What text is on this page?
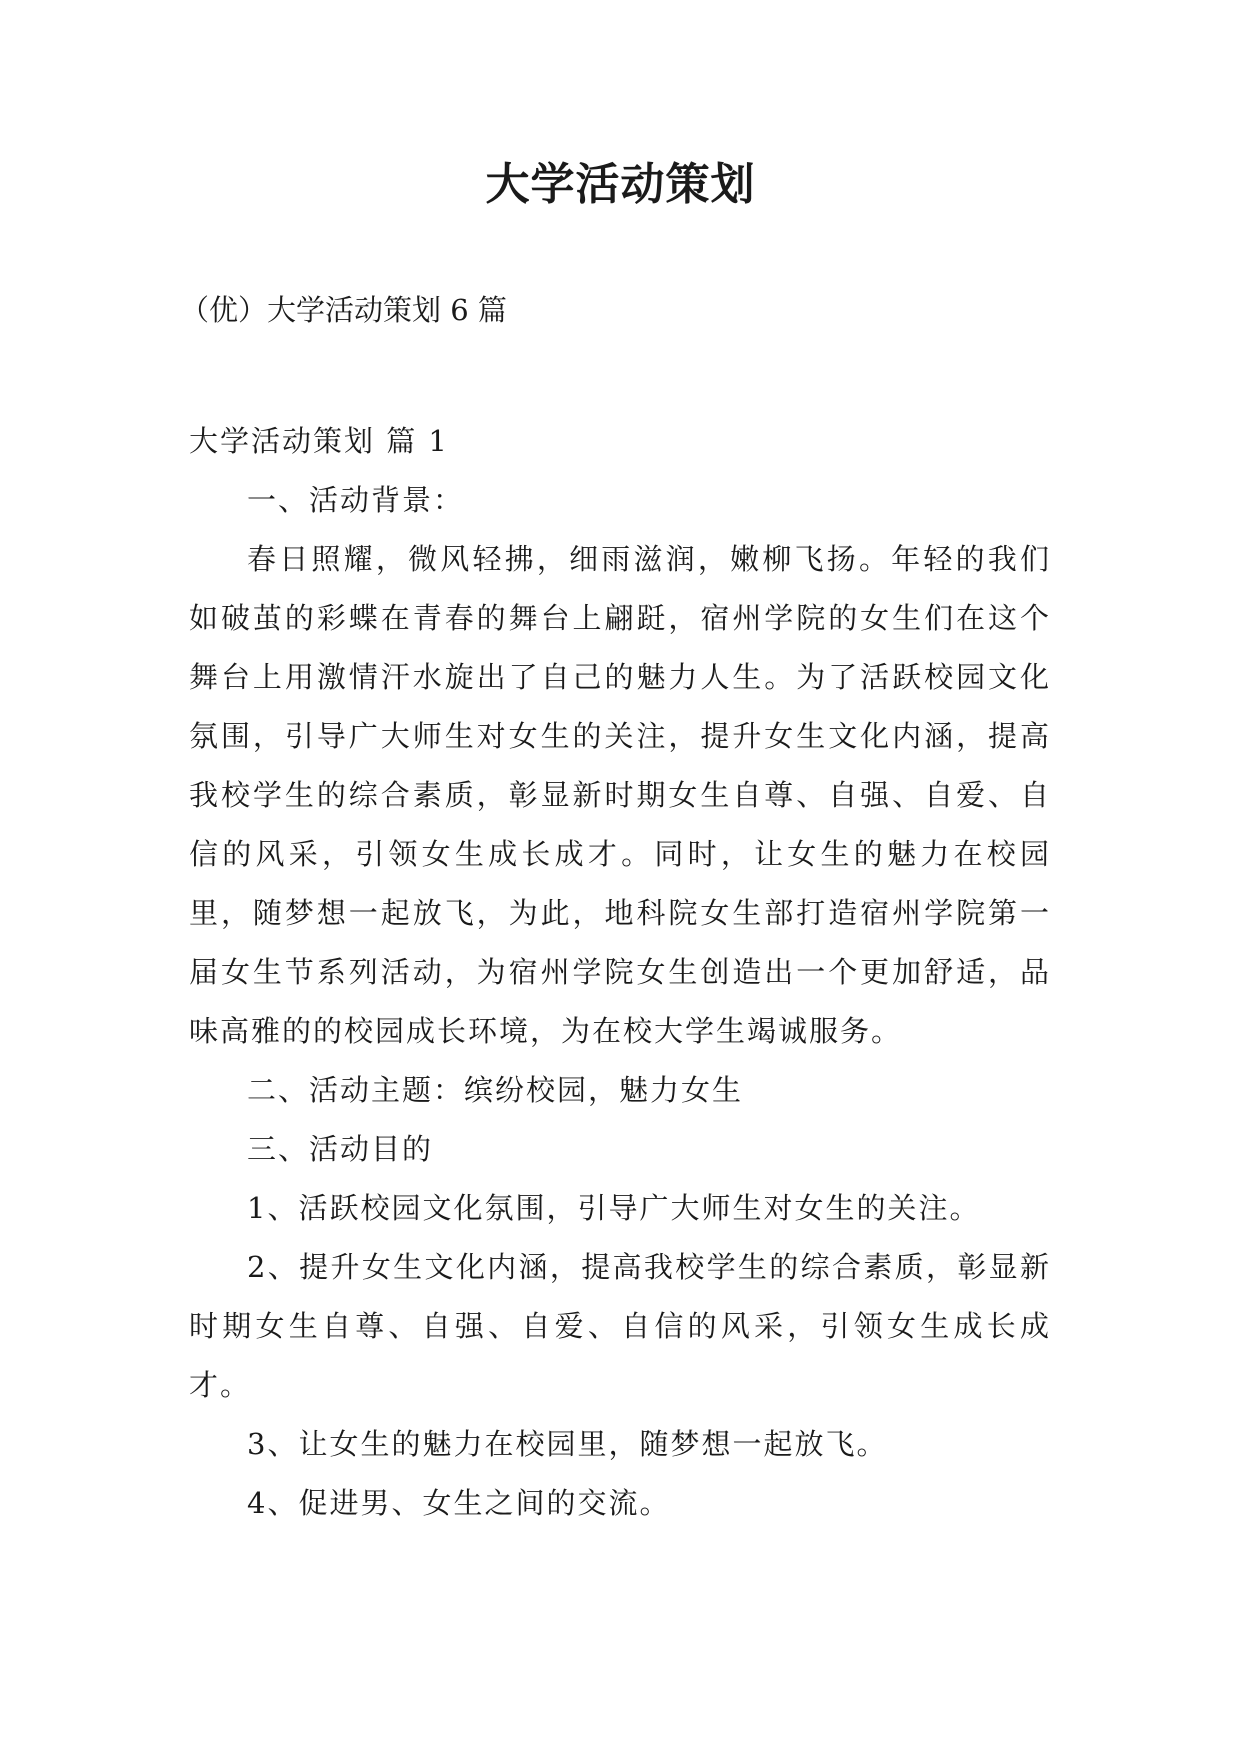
大学活动策划

（优）大学活动策划 6 篇

大学活动策划 篇 1

一、活动背景：

春日照耀，微风轻拂，细雨滋润，嫩柳飞扬。年轻的我们如破茧的彩蝶在青春的舞台上翩跹，宿州学院的女生们在这个舞台上用激情汗水旋出了自己的魅力人生。为了活跃校园文化氛围，引导广大师生对女生的关注，提升女生文化内涵，提高我校学生的综合素质，彰显新时期女生自尊、自强、自爱、自信的风采，引领女生成长成才。同时，让女生的魅力在校园里，随梦想一起放飞，为此，地科院女生部打造宿州学院第一届女生节系列活动，为宿州学院女生创造出一个更加舒适，品味高雅的的校园成长环境，为在校大学生竭诚服务。

二、活动主题：缤纷校园，魅力女生

三、活动目的

1、活跃校园文化氛围，引导广大师生对女生的关注。

2、提升女生文化内涵，提高我校学生的综合素质，彰显新时期女生自尊、自强、自爱、自信的风采，引领女生成长成才。

3、让女生的魅力在校园里，随梦想一起放飞。

4、促进男、女生之间的交流。
